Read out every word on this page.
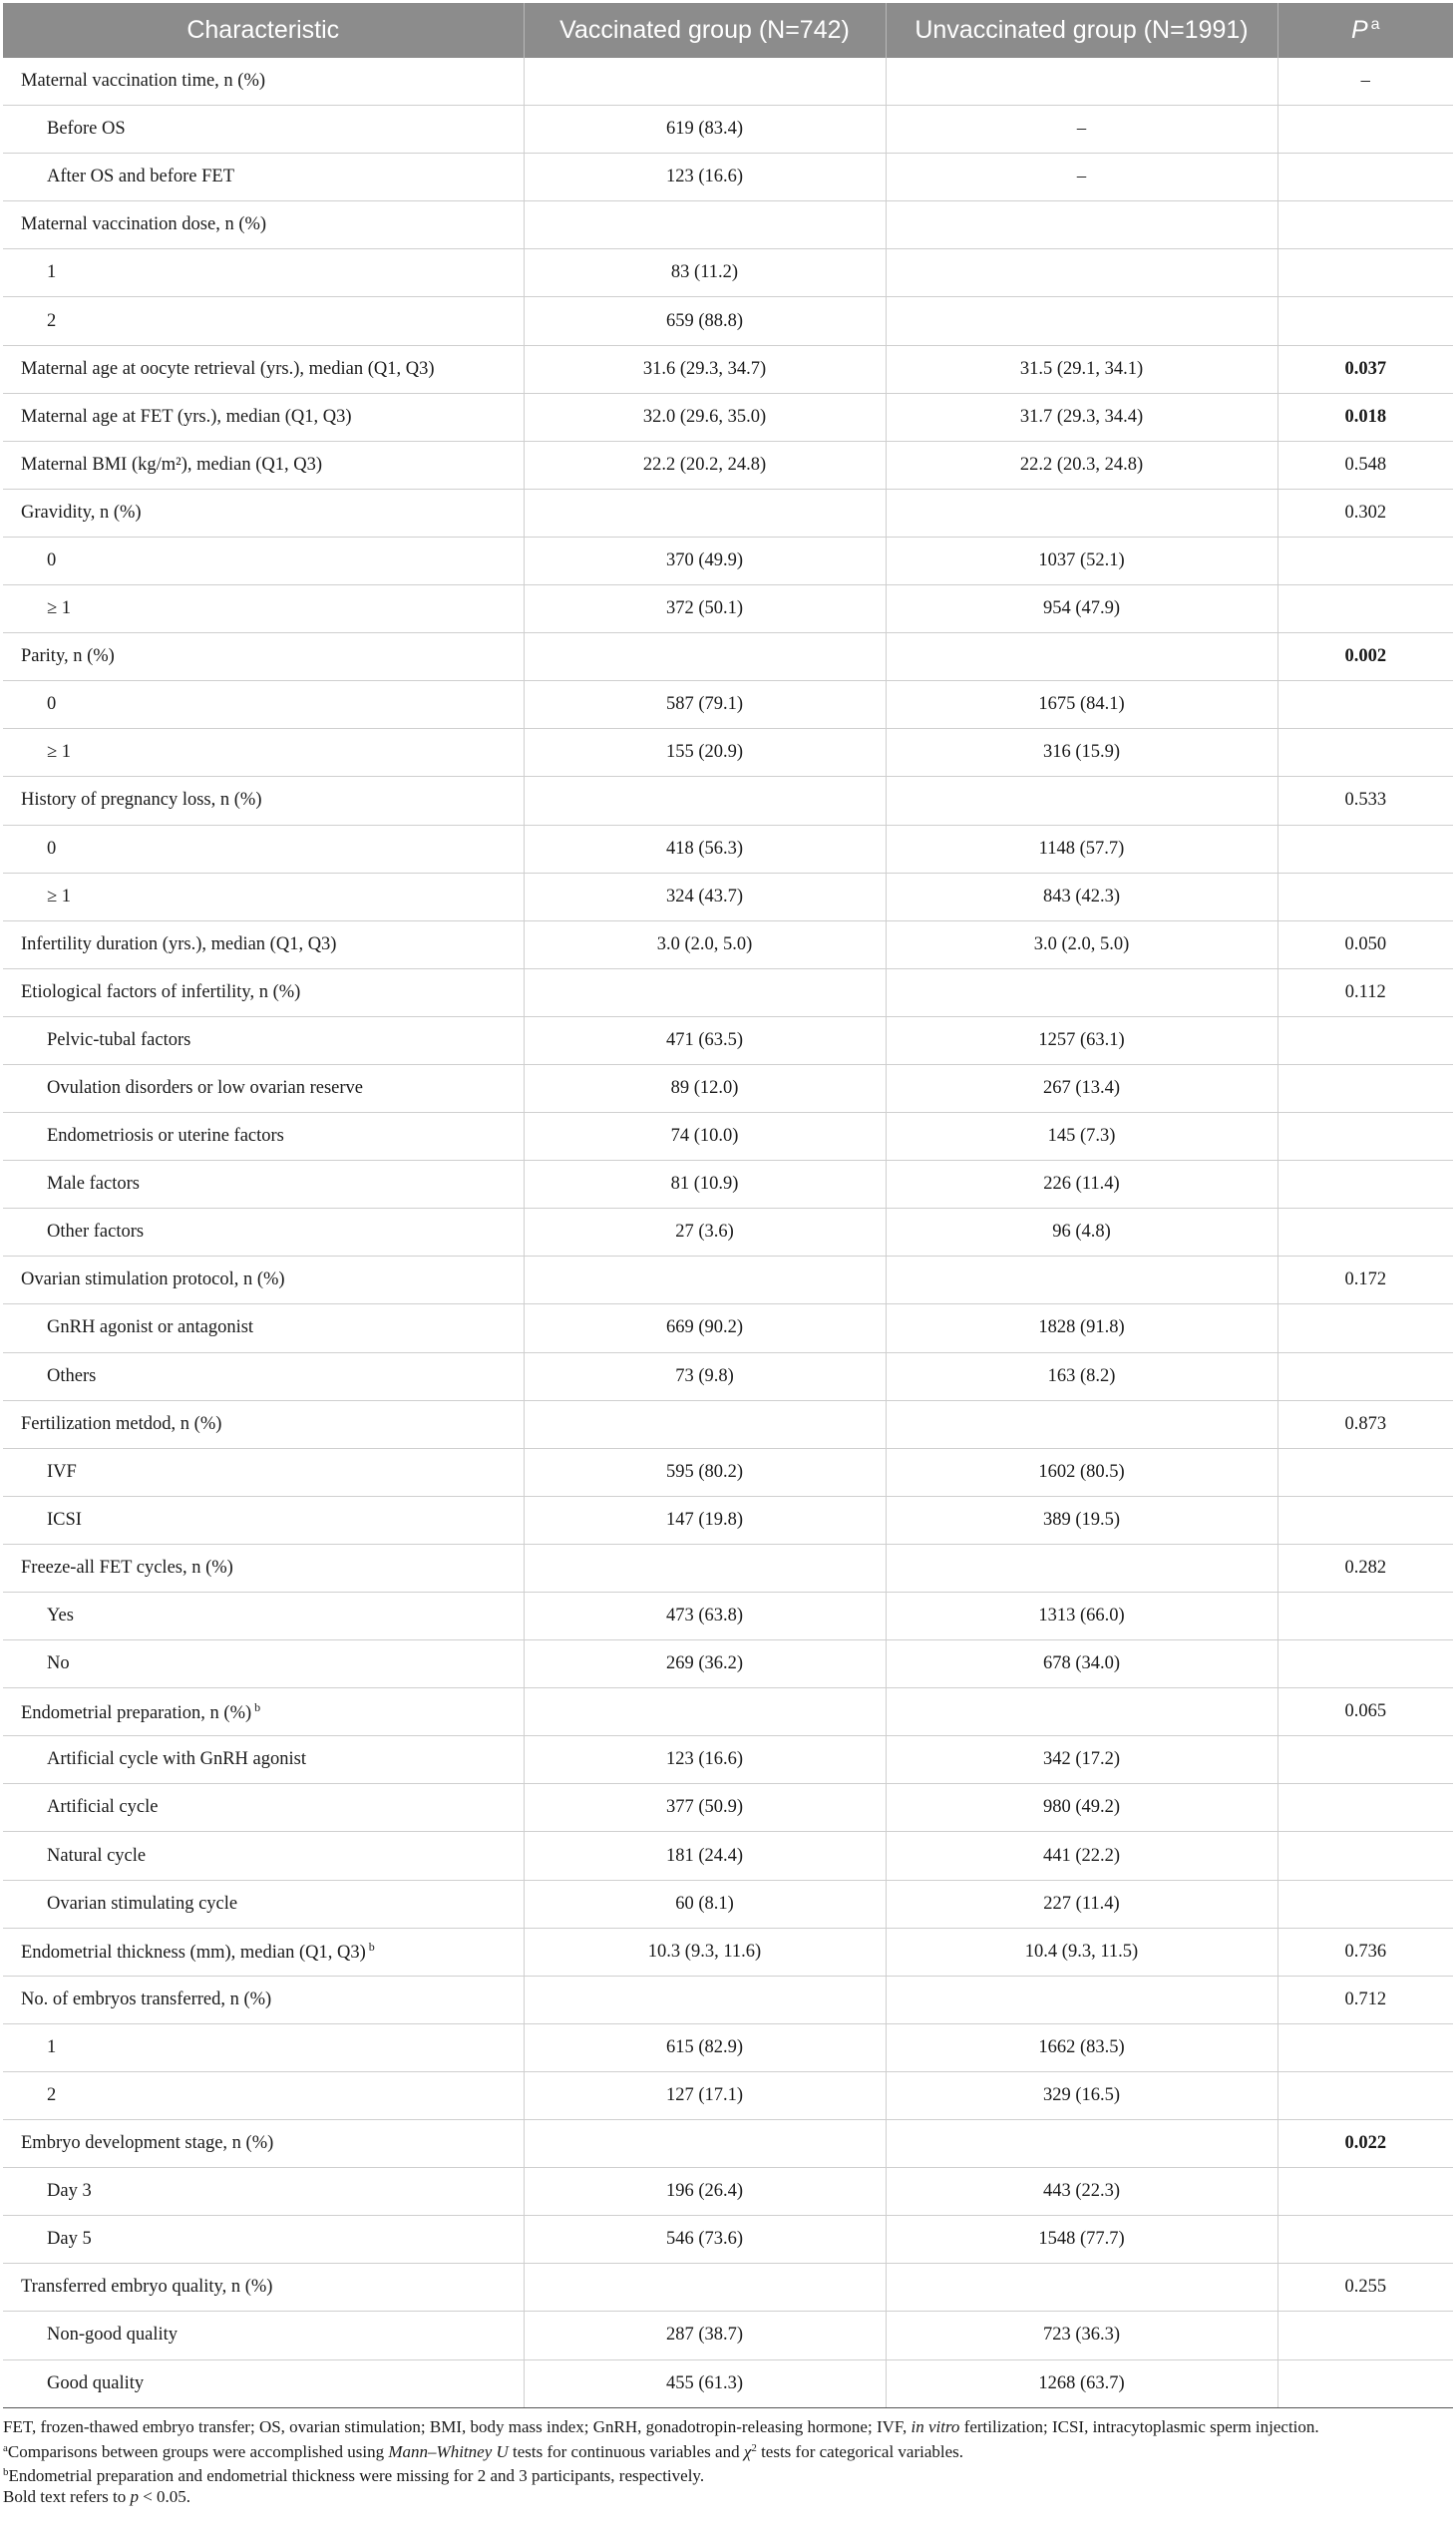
Characteristic	Vaccinated group (N=742)	Unvaccinated group (N=1991)	P $^a$
Maternal vaccination time, n (%)			–
Before OS	619 (83.4)	–	
After OS and before FET	123 (16.6)	–	
Maternal vaccination dose, n (%)			
1	83 (11.2)		
2	659 (88.8)		
Maternal age at oocyte retrieval (yrs.), median (Q1, Q3)	31.6 (29.3, 34.7)	31.5 (29.1, 34.1)	0.037
Maternal age at FET (yrs.), median (Q1, Q3)	32.0 (29.6, 35.0)	31.7 (29.3, 34.4)	0.018
Maternal BMI (kg/m²), median (Q1, Q3)	22.2 (20.2, 24.8)	22.2 (20.3, 24.8)	0.548
Gravidity, n (%)			0.302
0	370 (49.9)	1037 (52.1)	
≥ 1	372 (50.1)	954 (47.9)	
Parity, n (%)			0.002
0	587 (79.1)	1675 (84.1)	
≥ 1	155 (20.9)	316 (15.9)	
History of pregnancy loss, n (%)			0.533
0	418 (56.3)	1148 (57.7)	
≥ 1	324 (43.7)	843 (42.3)	
Infertility duration (yrs.), median (Q1, Q3)	3.0 (2.0, 5.0)	3.0 (2.0, 5.0)	0.050
Etiological factors of infertility, n (%)			0.112
Pelvic-tubal factors	471 (63.5)	1257 (63.1)	
Ovulation disorders or low ovarian reserve	89 (12.0)	267 (13.4)	
Endometriosis or uterine factors	74 (10.0)	145 (7.3)	
Male factors	81 (10.9)	226 (11.4)	
Other factors	27 (3.6)	96 (4.8)	
Ovarian stimulation protocol, n (%)			0.172
GnRH agonist or antagonist	669 (90.2)	1828 (91.8)	
Others	73 (9.8)	163 (8.2)	
Fertilization metdod, n (%)			0.873
IVF	595 (80.2)	1602 (80.5)	
ICSI	147 (19.8)	389 (19.5)	
Freeze-all FET cycles, n (%)			0.282
Yes	473 (63.8)	1313 (66.0)	
No	269 (36.2)	678 (34.0)	
Endometrial preparation, n (%) $^b$			0.065
Artificial cycle with GnRH agonist	123 (16.6)	342 (17.2)	
Artificial cycle	377 (50.9)	980 (49.2)	
Natural cycle	181 (24.4)	441 (22.2)	
Ovarian stimulating cycle	60 (8.1)	227 (11.4)	
Endometrial thickness (mm), median (Q1, Q3) $^b$	10.3 (9.3, 11.6)	10.4 (9.3, 11.5)	0.736
No. of embryos transferred, n (%)			0.712
1	615 (82.9)	1662 (83.5)	
2	127 (17.1)	329 (16.5)	
Embryo development stage, n (%)			0.022
Day 3	196 (26.4)	443 (22.3)	
Day 5	546 (73.6)	1548 (77.7)	
Transferred embryo quality, n (%)			0.255
Non-good quality	287 (38.7)	723 (36.3)	
Good quality	455 (61.3)	1268 (63.7)	

FET, frozen-thawed embryo transfer; OS, ovarian stimulation; BMI, body mass index; GnRH, gonadotropin-releasing hormone; IVF, in vitro fertilization; ICSI, intracytoplasmic sperm injection.

$^a$Comparisons between groups were accomplished using Mann–Whitney U tests for continuous variables and $\chi^2$ tests for categorical variables.

$^b$Endometrial preparation and endometrial thickness were missing for 2 and 3 participants, respectively.

Bold text refers to p < 0.05.
